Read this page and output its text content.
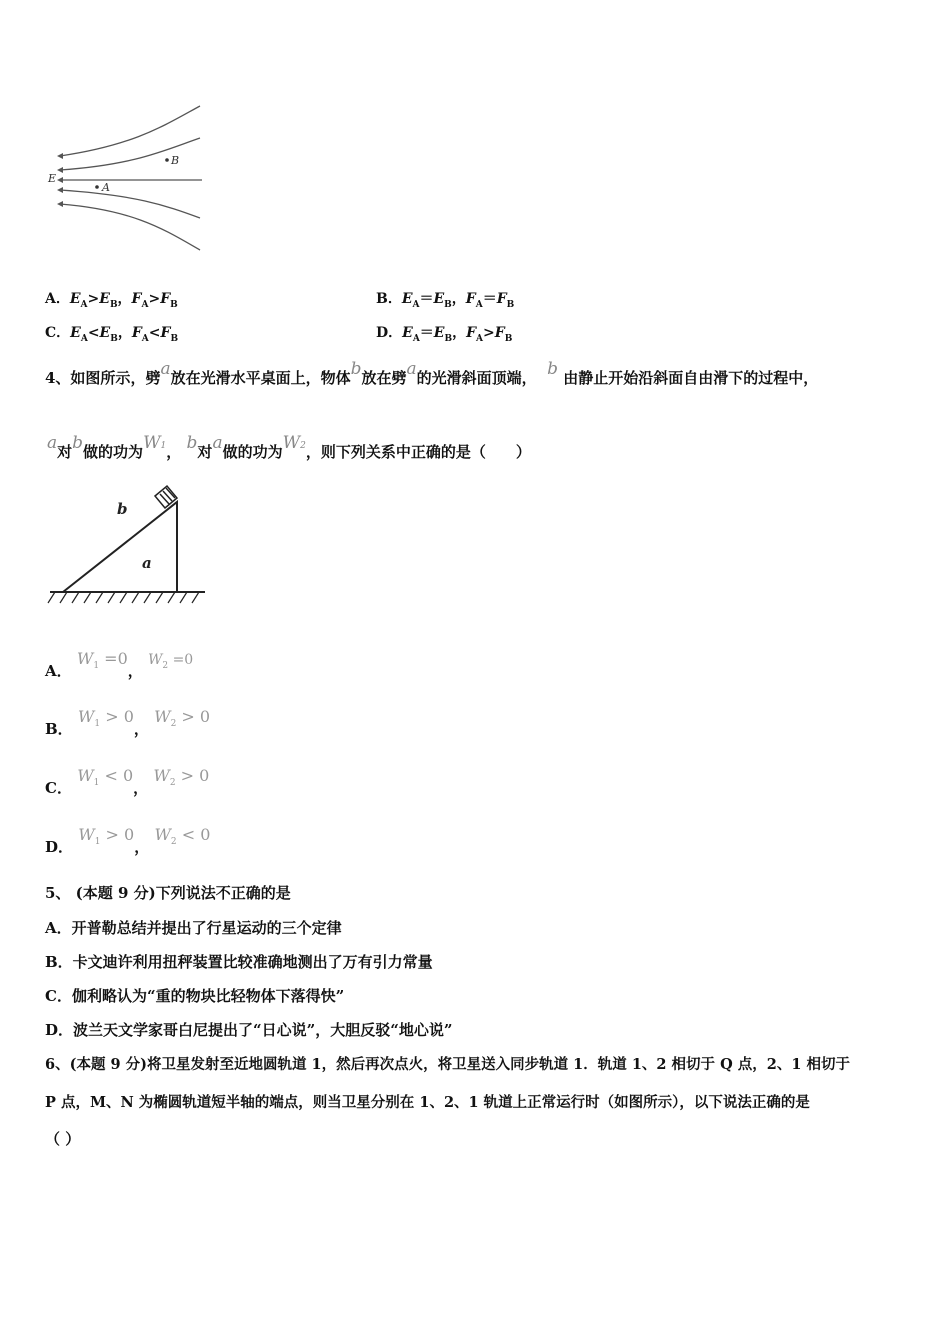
E
B
A
A．$E_A>E_B$，$F_A>F_B$	B．$E_A=E_B$，$F_A=F_B$
C．$E_A<E_B$，$F_A<F_B$	D．$E_A=E_B$，$F_A>F_B$
4、如图所示，劈a放在光滑水平桌面上，物体b放在劈a的光滑斜面顶端， b 由静止开始沿斜面自由滑下的过程中，
a对b做的功为$W^1$， b对a做的功为$W^2$，则下列关系中正确的是（　　）
b
a
A． $W_1 =0$， $W_2 =0$
B． $W_1 > 0$， $W_2 > 0$
C． $W_1 < 0$， $W_2 > 0$
D． $W_1 > 0$， $W_2 < 0$
5、 (本题 9 分)下列说法不正确的是
A．开普勒总结并提出了行星运动的三个定律
B．卡文迪许利用扭秤装置比较准确地测出了万有引力常量
C．伽利略认为“重的物块比轻物体下落得快”
D．波兰天文学家哥白尼提出了“日心说”，大胆反驳“地心说”
6、(本题 9 分)将卫星发射至近地圆轨道 1，然后再次点火，将卫星送入同步轨道 1．轨道 1、2 相切于 Q 点，2、1 相切于
P 点，M、N 为椭圆轨道短半轴的端点，则当卫星分别在 1、2、1 轨道上正常运行时（如图所示），以下说法正确的是
（ ）
